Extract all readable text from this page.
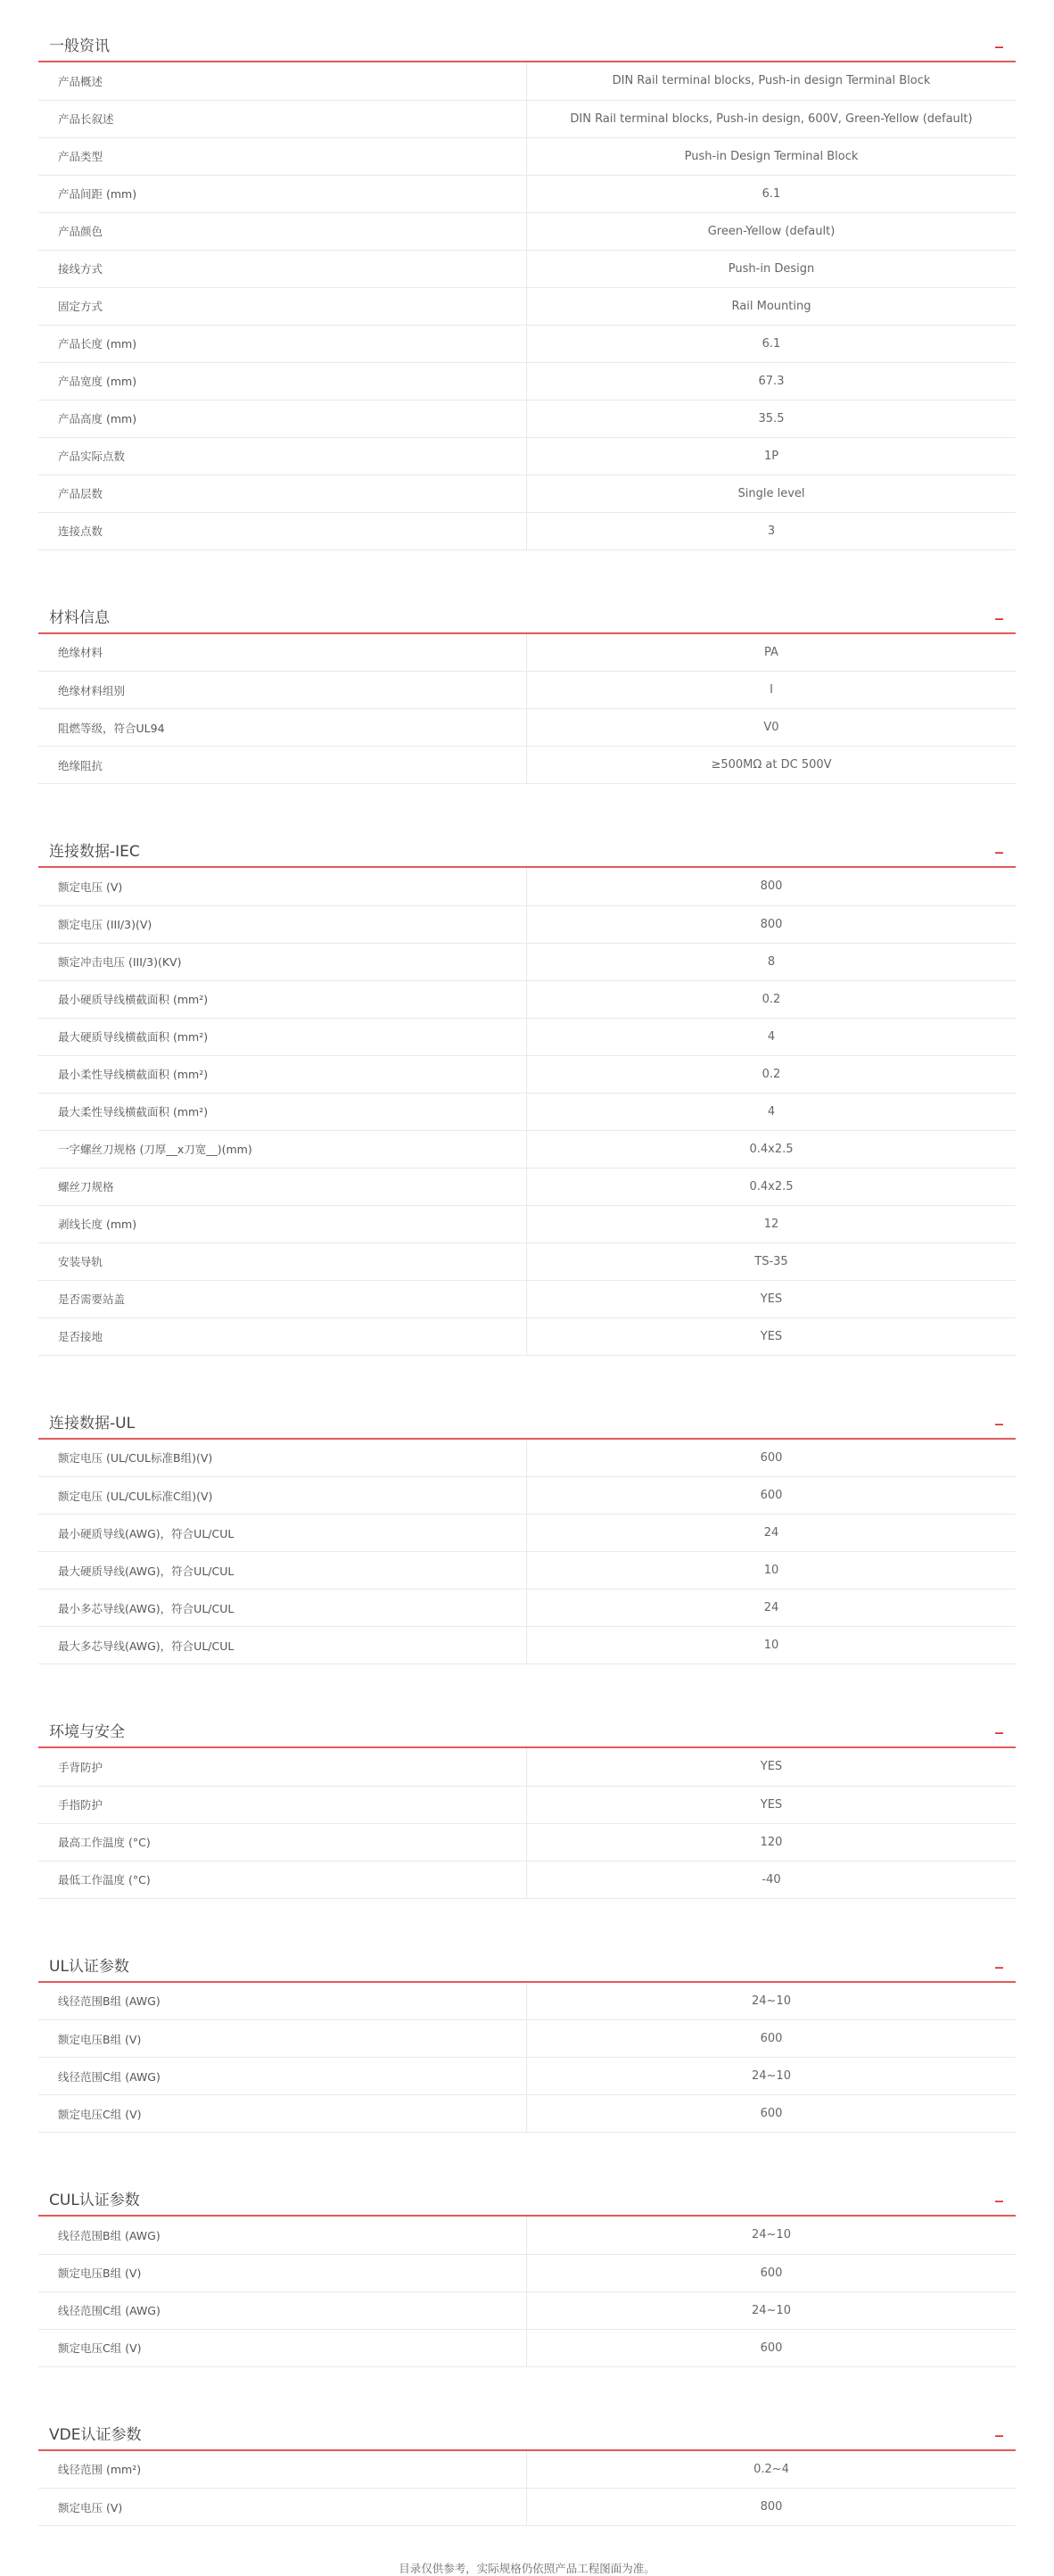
一般资讯	_
产品概述	DIN Rail terminal blocks, Push-in design Terminal Block
产品长叙述	DIN Rail terminal blocks, Push-in design, 600V, Green-Yellow (default)
产品类型	Push-in Design Terminal Block
产品间距 (mm)	6.1
产品颜色	Green-Yellow (default)
接线方式	Push-in Design
固定方式	Rail Mounting
产品长度 (mm)	6.1
产品宽度 (mm)	67.3
产品高度 (mm)	35.5
产品实际点数	1P
产品层数	Single level
连接点数	3
材料信息	_
绝缘材料	PA
绝缘材料组别	I
阻燃等级，符合UL94	V0
绝缘阻抗	≥500MΩ at DC 500V
连接数据-IEC	_
额定电压 (V)	800
额定电压 (III/3)(V)	800
额定冲击电压 (III/3)(KV)	8
最小硬质导线横截面积 (mm²)	0.2
最大硬质导线横截面积 (mm²)	4
最小柔性导线横截面积 (mm²)	0.2
最大柔性导线横截面积 (mm²)	4
一字螺丝刀规格 (刀厚__x刀宽__)(mm)	0.4x2.5
螺丝刀规格	0.4x2.5
剥线长度 (mm)	12
安装导轨	TS-35
是否需要站盖	YES
是否接地	YES
连接数据-UL	_
额定电压 (UL/CUL标准B组)(V)	600
额定电压 (UL/CUL标准C组)(V)	600
最小硬质导线(AWG)，符合UL/CUL	24
最大硬质导线(AWG)，符合UL/CUL	10
最小多芯导线(AWG)，符合UL/CUL	24
最大多芯导线(AWG)，符合UL/CUL	10
环境与安全	_
手背防护	YES
手指防护	YES
最高工作温度 (°C)	120
最低工作温度 (°C)	-40
UL认证参数	_
线径范围B组 (AWG)	24~10
额定电压B组 (V)	600
线径范围C组 (AWG)	24~10
额定电压C组 (V)	600
CUL认证参数	_
线径范围B组 (AWG)	24~10
额定电压B组 (V)	600
线径范围C组 (AWG)	24~10
额定电压C组 (V)	600
VDE认证参数	_
线径范围 (mm²)	0.2~4
额定电压 (V)	800
目录仅供参考，实际规格仍依照产品工程图面为准。
